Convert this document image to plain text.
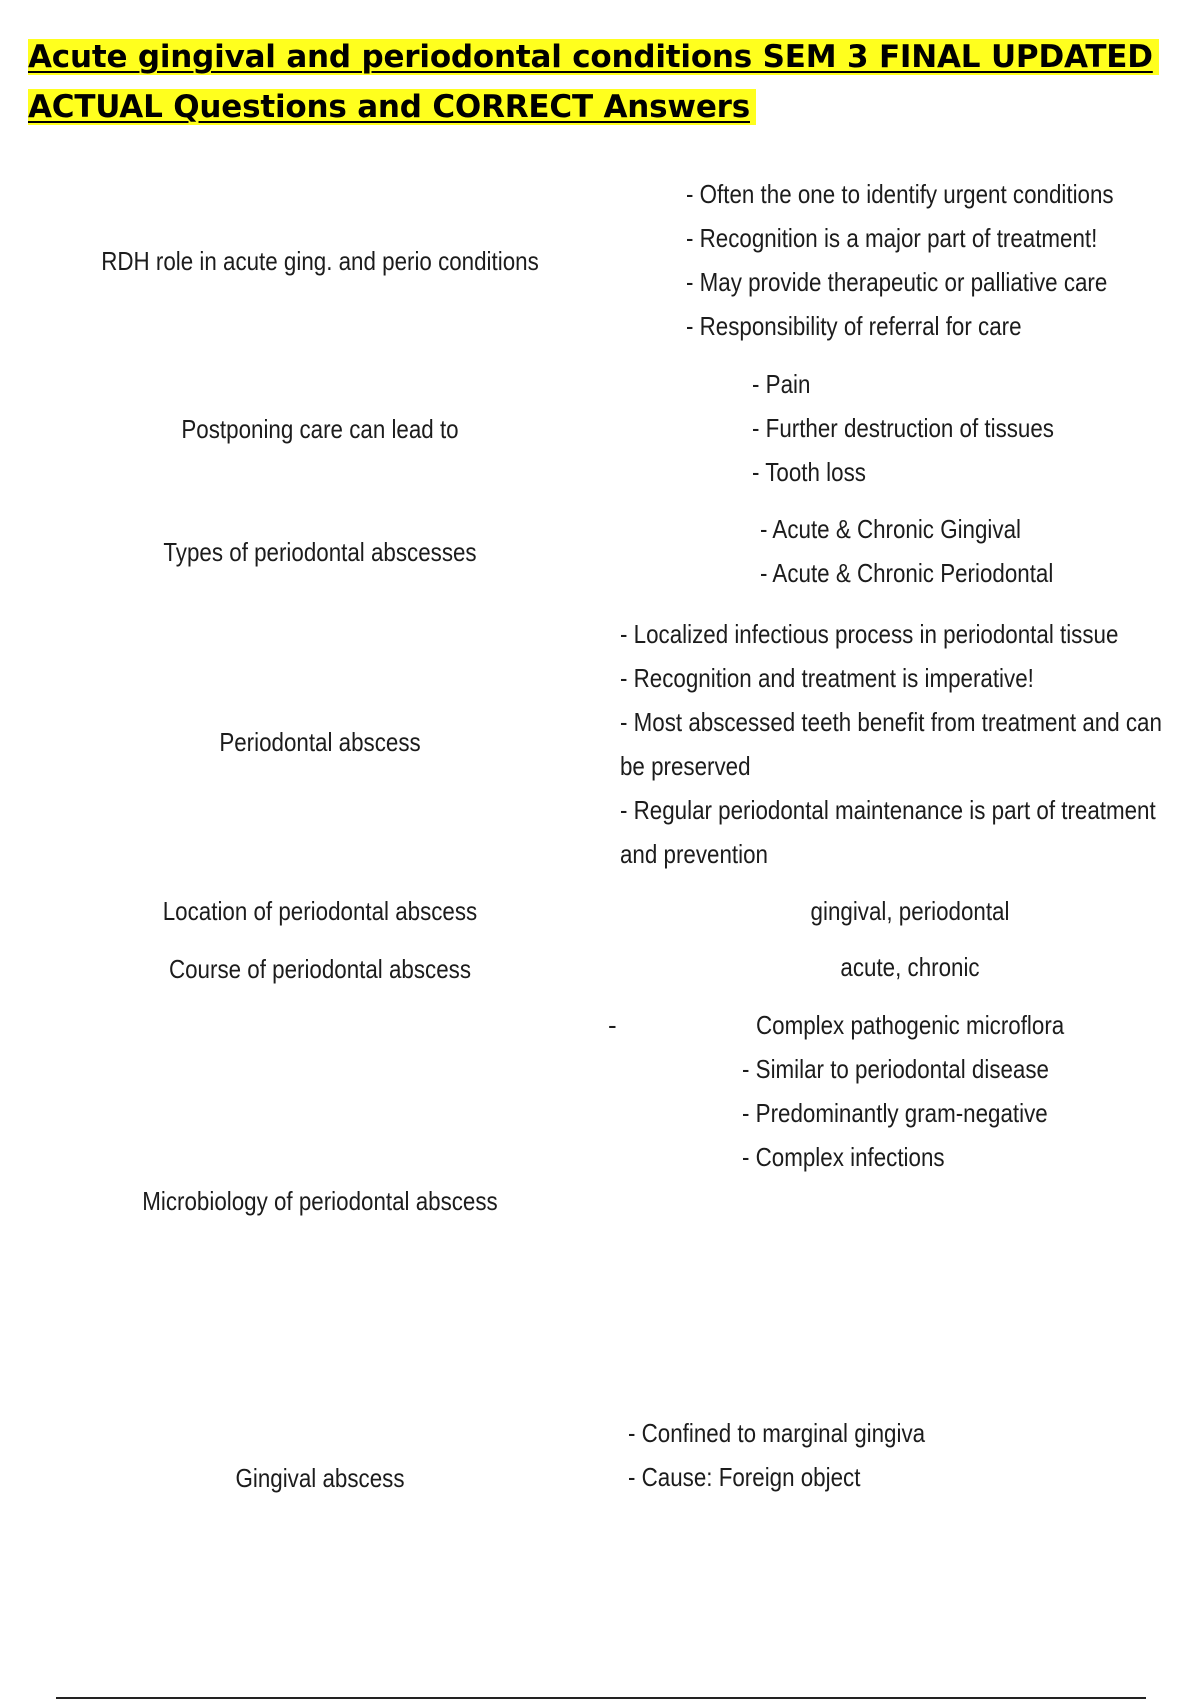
Acute gingival and periodontal conditions SEM 3 FINAL UPDATED ACTUAL Questions and CORRECT Answers
RDH role in acute ging. and perio conditions
- Often the one to identify urgent conditions
- Recognition is a major part of treatment!
- May provide therapeutic or palliative care
- Responsibility of referral for care
Postponing care can lead to
- Pain
- Further destruction of tissues
- Tooth loss
Types of periodontal abscesses
- Acute & Chronic Gingival
- Acute & Chronic Periodontal
Periodontal abscess
- Localized infectious process in periodontal tissue
- Recognition and treatment is imperative!
- Most abscessed teeth benefit from treatment and can be preserved
- Regular periodontal maintenance is part of treatment and prevention
Location of periodontal abscess	gingival, periodontal
Course of periodontal abscess	acute, chronic
Microbiology of periodontal abscess
-	Complex pathogenic microflora
- Similar to periodontal disease
- Predominantly gram-negative
- Complex infections
Gingival abscess
- Confined to marginal gingiva
- Cause: Foreign object
